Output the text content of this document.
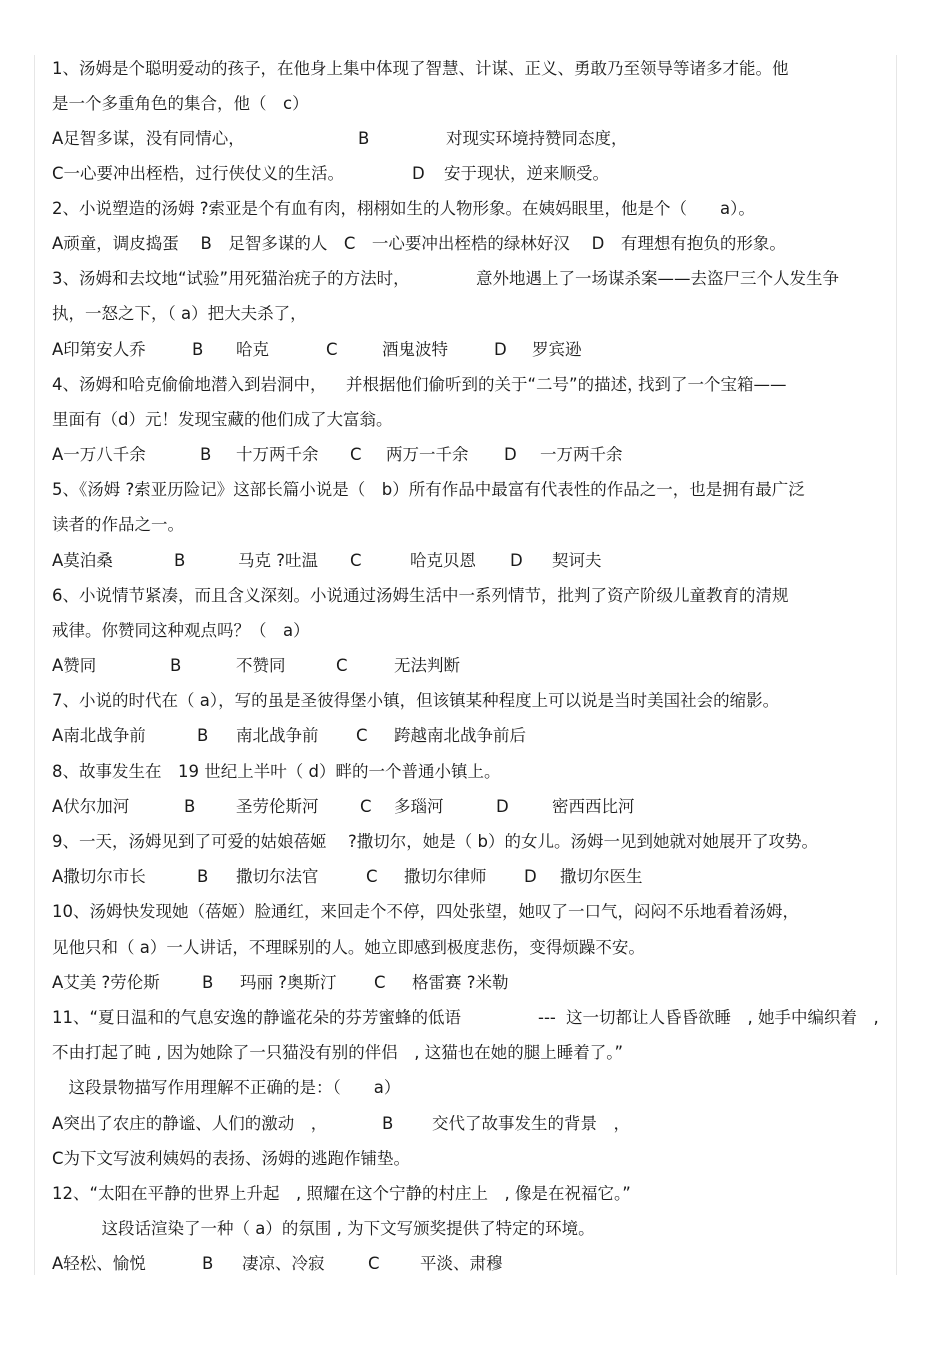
1、汤姆是个聪明爱动的孩子，在他身上集中体现了智慧、计谋、正义、勇敢乃至领导等诸多才能。他
是一个多重角色的集合，他（　c）
A足智多谋，没有同情心，	B	对现实环境持赞同态度，
C一心要冲出桎梏，过行侠仗义的生活。	D 安于现状，逆来顺受。
2、小说塑造的汤姆 ?索亚是个有血有肉，栩栩如生的人物形象。在姨妈眼里，他是个（　　a）。
A顽童，调皮捣蛋　 B　足智多谋的人　C　一心要冲出桎梏的绿林好汉　 D　有理想有抱负的形象。
3、汤姆和去坟地“试验”用死猫治疣子的方法时，	意外地遇上了一场谋杀案——去盗尸三个人发生争
执，一怒之下，（ a）把大夫杀了，
A印第安人乔	B 哈克	C	酒鬼波特	D 罗宾逊
4、汤姆和哈克偷偷地潜入到岩洞中， 并根据他们偷听到的关于“二号”的描述，
找到了一个宝箱——
里面有（d）元！发现宝藏的他们成了大富翁。
A一万八千余	B 十万两千余 C 两万一千余 D 一万两千余
5、《汤姆 ?索亚历险记》这部长篇小说是（　b）所有作品中最富有代表性的作品之一，也是拥有最广泛
读者的作品之一。
A莫泊桑	B	马克 ?吐温 C	哈克贝恩 D 契诃夫
6、小说情节紧凑，而且含义深刻。小说通过汤姆生活中一系列情节，批判了资产阶级儿童教育的清规
戒律。你赞同这种观点吗？（　a）
A赞同	B	不赞同	C	无法判断
7、小说的时代在（ a），写的虽是圣彼得堡小镇，但该镇某种程度上可以说是当时美国社会的缩影。
A南北战争前	B 南北战争前 C 跨越南北战争前后
8、故事发生在　19 世纪上半叶（ d）畔的一个普通小镇上。
A伏尔加河	B 圣劳伦斯河	C 多瑙河	D	密西西比河
9、一天，汤姆见到了可爱的姑娘蓓姬 ?撒切尔，她是（ b）的女儿。汤姆一见到她就对她展开了攻势。
A撒切尔市长	B 撒切尔法官	C 撒切尔律师 D 撒切尔医生
10、汤姆快发现她（蓓姬）脸通红，来回走个不停，四处张望，她叹了一口气，闷闷不乐地看着汤姆，
见他只和（ a）一人讲话，不理睬别的人。她立即感到极度悲伤，变得烦躁不安。
A艾美 ?劳伦斯	B 玛丽 ?奥斯汀 C 格雷赛 ?米勒
11、“夏日温和的气息安逸的静谧花朵的芬芳蜜蜂的低语	--- 这一切都让人昏昏欲睡　, 她手中编织着　,
不由打起了盹 , 因为她除了一只猫没有别的伴侣　, 这猫也在她的腿上睡着了。”
　这段景物描写作用理解不正确的是：（　　a）
A突出了农庄的静谧、人们的激动　，	B 交代了故事发生的背景　，
C为下文写波利姨妈的表扬、汤姆的逃跑作铺垫。
12、“太阳在平静的世界上升起　, 照耀在这个宁静的村庄上　, 像是在祝福它。”
　　　这段话渲染了一种（ a）的氛围 , 为下文写颁奖提供了特定的环境。
A轻松、愉悦	B 凄凉、冷寂	C 平淡、肃穆
